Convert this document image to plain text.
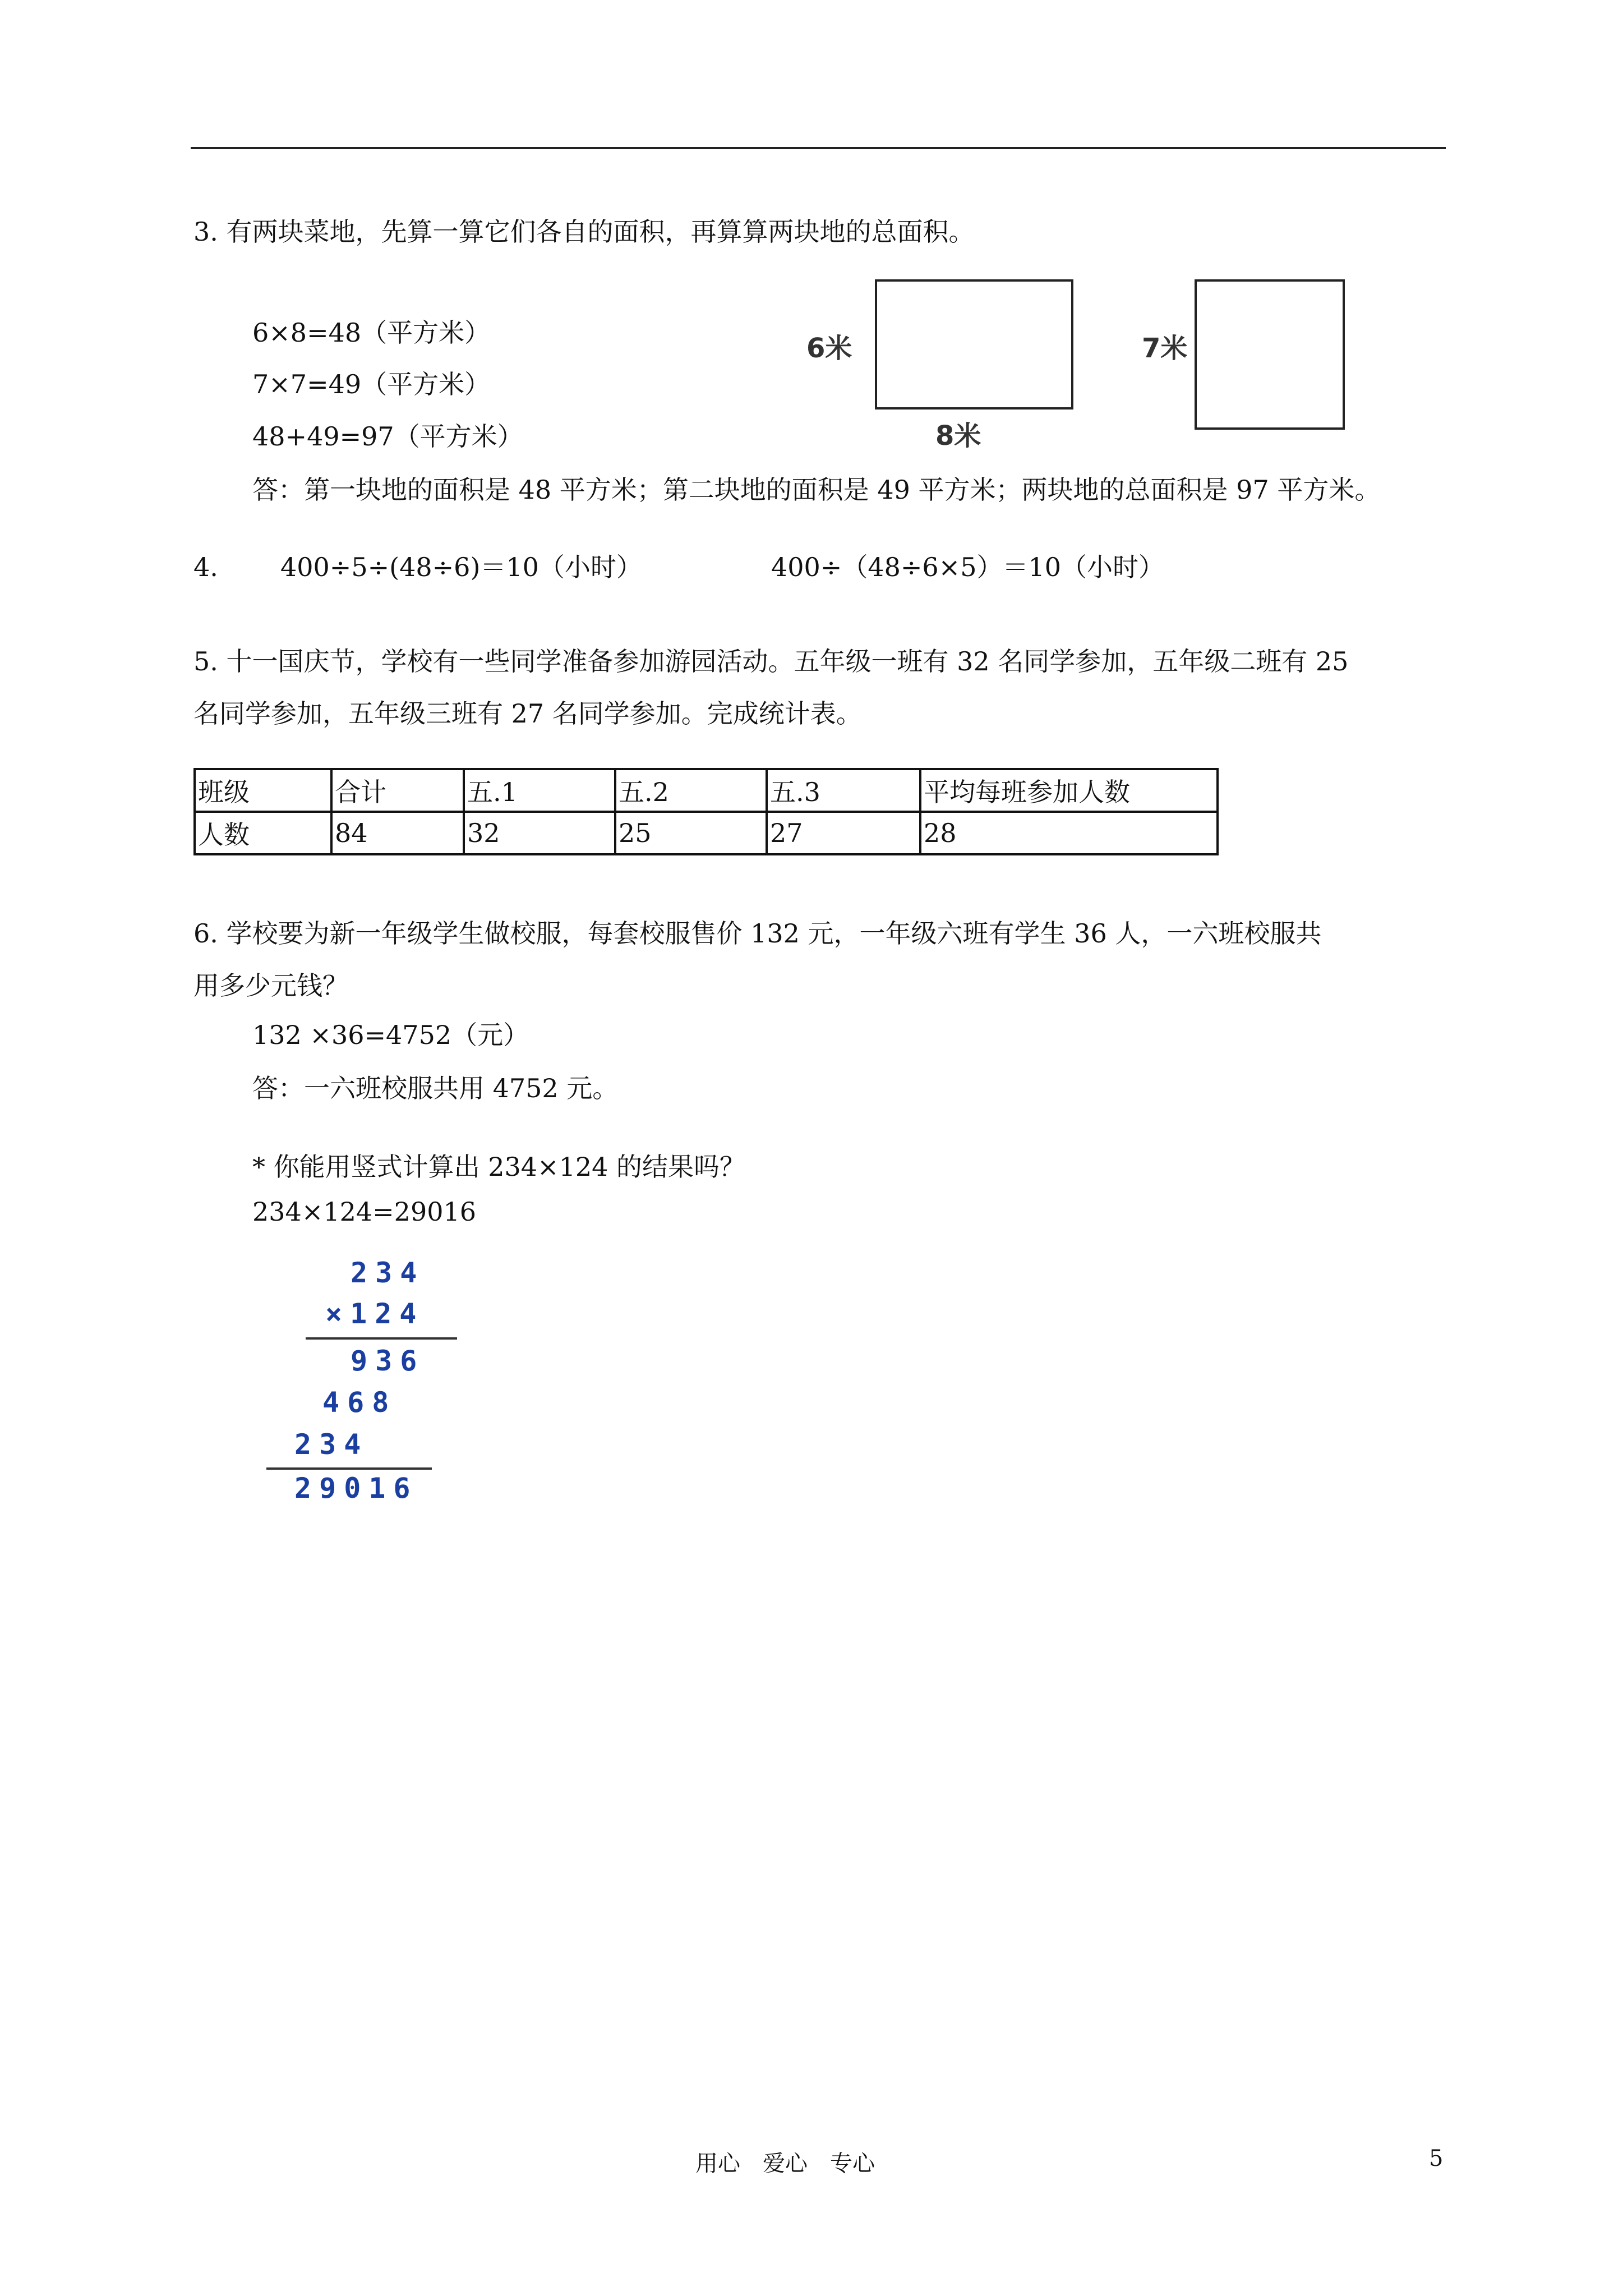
3. 有两块菜地，先算一算它们各自的面积，再算算两块地的总面积。
6×8=48（平方米）
7×7=49（平方米）
48+49=97（平方米）
答：第一块地的面积是 48 平方米；第二块地的面积是 49 平方米；两块地的总面积是 97 平方米。
6米
8米
7米
4. 400÷5÷(48÷6)＝10（小时）	400÷（48÷6×5）＝10（小时）
5. 十一国庆节，学校有一些同学准备参加游园活动。五年级一班有 32 名同学参加，五年级二班有 25
名同学参加，五年级三班有 27 名同学参加。完成统计表。
班级	合计	五.1	五.2	五.3	平均每班参加人数
人数	84	32	25	27	28
6. 学校要为新一年级学生做校服，每套校服售价 132 元，一年级六班有学生 36 人，一六班校服共
用多少元钱？
132 ×36=4752（元）
答：一六班校服共用 4752 元。
* 你能用竖式计算出 234×124 的结果吗？
234×124=29016
234
×124
936
468
234
29016
用心　爱心　专心	5
